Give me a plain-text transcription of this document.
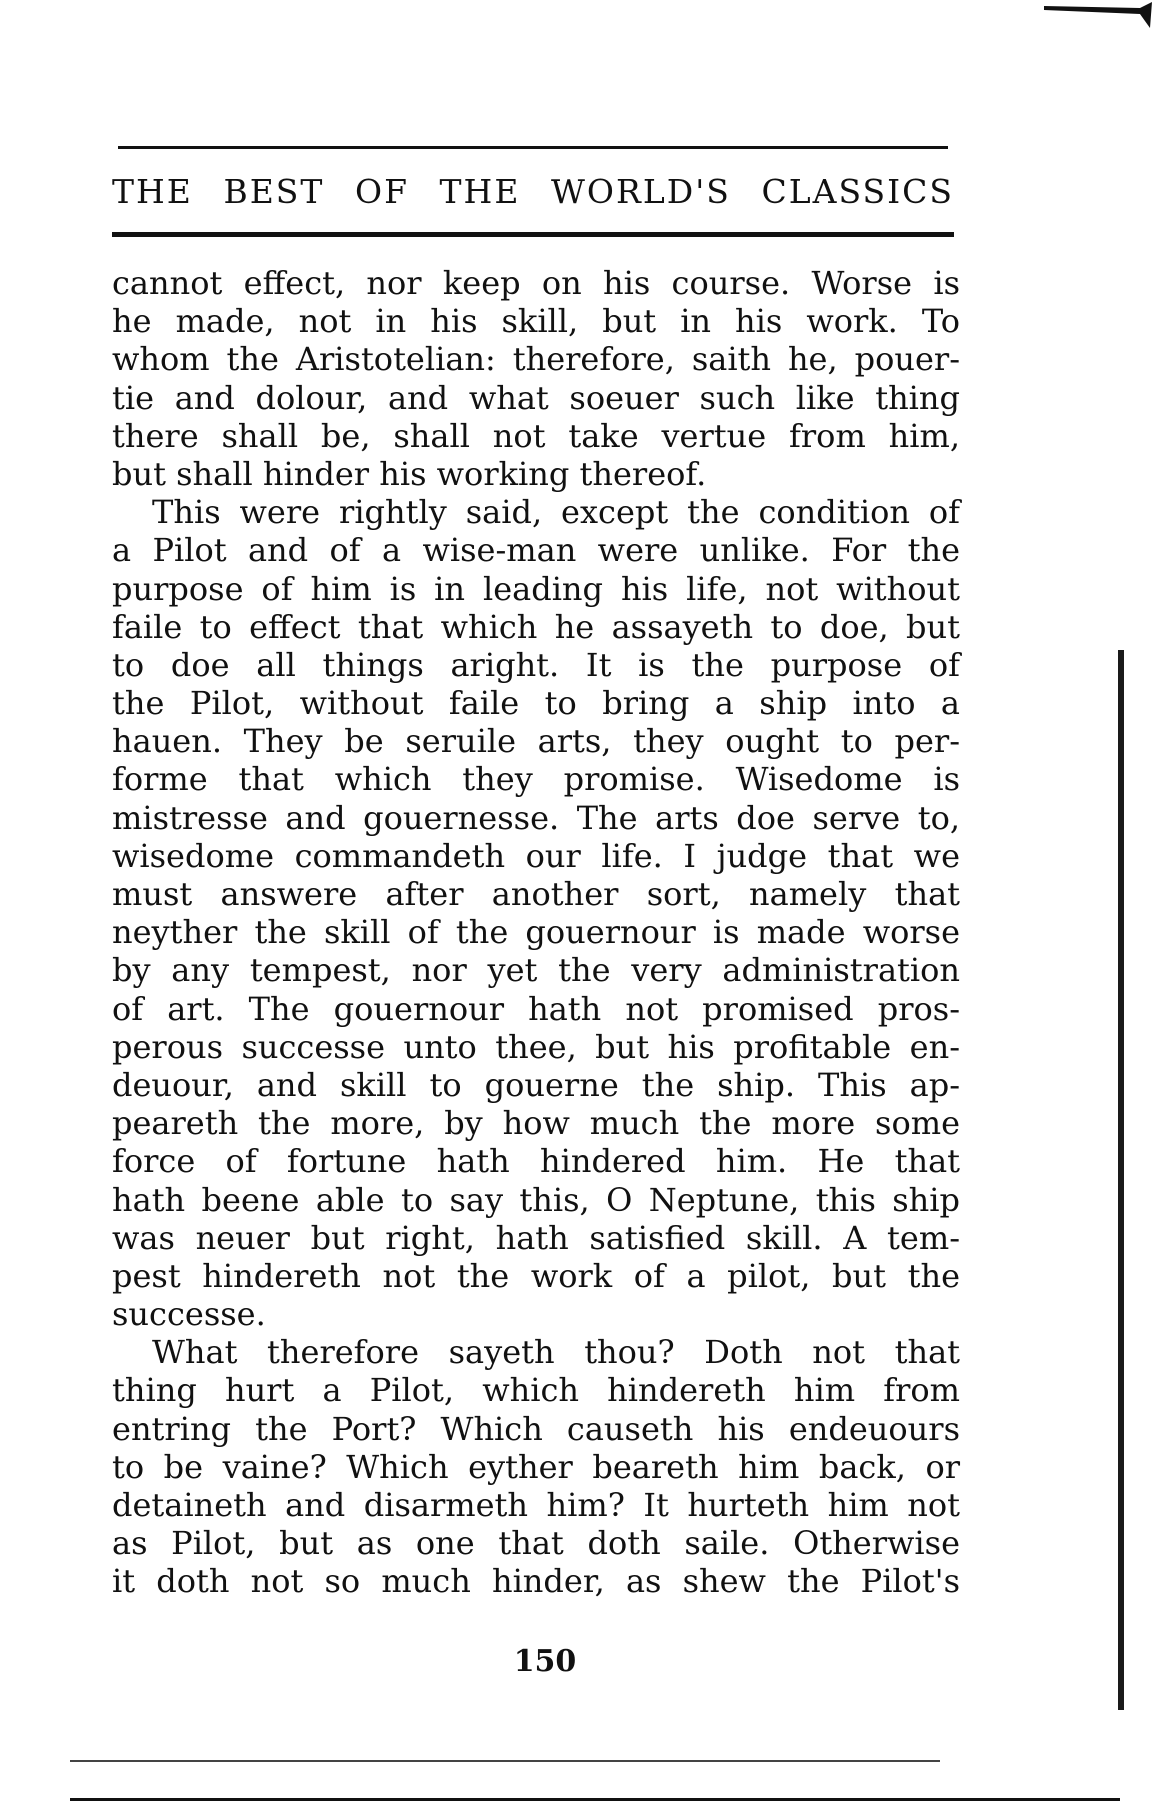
THE BEST OF THE WORLD'S CLASSICS
cannot effect, nor keep on his course. Worse is
he made, not in his skill, but in his work. To
whom the Aristotelian: therefore, saith he, pouer-
tie and dolour, and what soeuer such like thing
there shall be, shall not take vertue from him,
but shall hinder his working thereof.
This were rightly said, except the condition of
a Pilot and of a wise-man were unlike. For the
purpose of him is in leading his life, not without
faile to effect that which he assayeth to doe, but
to doe all things aright. It is the purpose of
the Pilot, without faile to bring a ship into a
hauen. They be seruile arts, they ought to per-
forme that which they promise. Wisedome is
mistresse and gouernesse. The arts doe serve to,
wisedome commandeth our life. I judge that we
must answere after another sort, namely that
neyther the skill of the gouernour is made worse
by any tempest, nor yet the very administration
of art. The gouernour hath not promised pros-
perous successe unto thee, but his profitable en-
deuour, and skill to gouerne the ship. This ap-
peareth the more, by how much the more some
force of fortune hath hindered him. He that
hath beene able to say this, O Neptune, this ship
was neuer but right, hath satisfied skill. A tem-
pest hindereth not the work of a pilot, but the
successe.
What therefore sayeth thou? Doth not that
thing hurt a Pilot, which hindereth him from
entring the Port? Which causeth his endeuours
to be vaine? Which eyther beareth him back, or
detaineth and disarmeth him? It hurteth him not
as Pilot, but as one that doth saile. Otherwise
it doth not so much hinder, as shew the Pilot's
150
